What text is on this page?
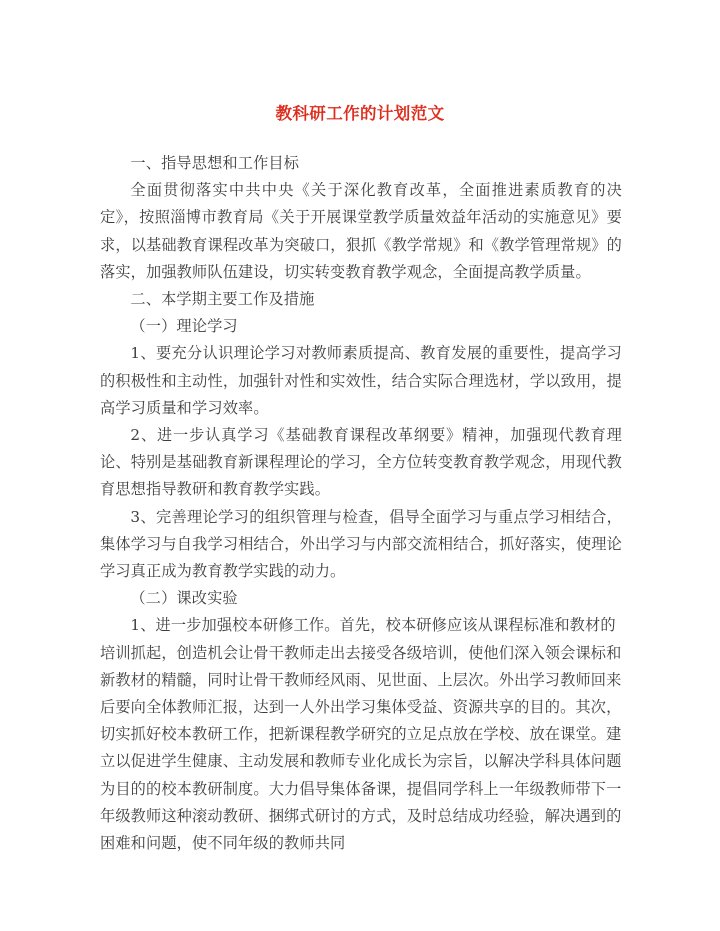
教科研工作的计划范文

一、指导思想和工作目标

全面贯彻落实中共中央《关于深化教育改革，全面推进素质教育的决定》，按照淄博市教育局《关于开展课堂教学质量效益年活动的实施意见》要求，以基础教育课程改革为突破口，狠抓《教学常规》和《教学管理常规》的落实，加强教师队伍建设，切实转变教育教学观念，全面提高教学质量。

二、本学期主要工作及措施

（一）理论学习

1、要充分认识理论学习对教师素质提高、教育发展的重要性，提高学习的积极性和主动性，加强针对性和实效性，结合实际合理选材，学以致用，提高学习质量和学习效率。

2、进一步认真学习《基础教育课程改革纲要》精神，加强现代教育理论、特别是基础教育新课程理论的学习，全方位转变教育教学观念，用现代教育思想指导教研和教育教学实践。

3、完善理论学习的组织管理与检查，倡导全面学习与重点学习相结合，集体学习与自我学习相结合，外出学习与内部交流相结合，抓好落实，使理论学习真正成为教育教学实践的动力。

（二）课改实验

1、进一步加强校本研修工作。首先，校本研修应该从课程标准和教材的培训抓起，创造机会让骨干教师走出去接受各级培训，使他们深入领会课标和新教材的精髓，同时让骨干教师经风雨、见世面、上层次。外出学习教师回来后要向全体教师汇报，达到一人外出学习集体受益、资源共享的目的。其次，切实抓好校本教研工作，把新课程教学研究的立足点放在学校、放在课堂。建立以促进学生健康、主动发展和教师专业化成长为宗旨，以解决学科具体问题为目的的校本教研制度。大力倡导集体备课，提倡同学科上一年级教师带下一年级教师这种滚动教研、捆绑式研讨的方式，及时总结成功经验，解决遇到的困难和问题，使不同年级的教师共同
